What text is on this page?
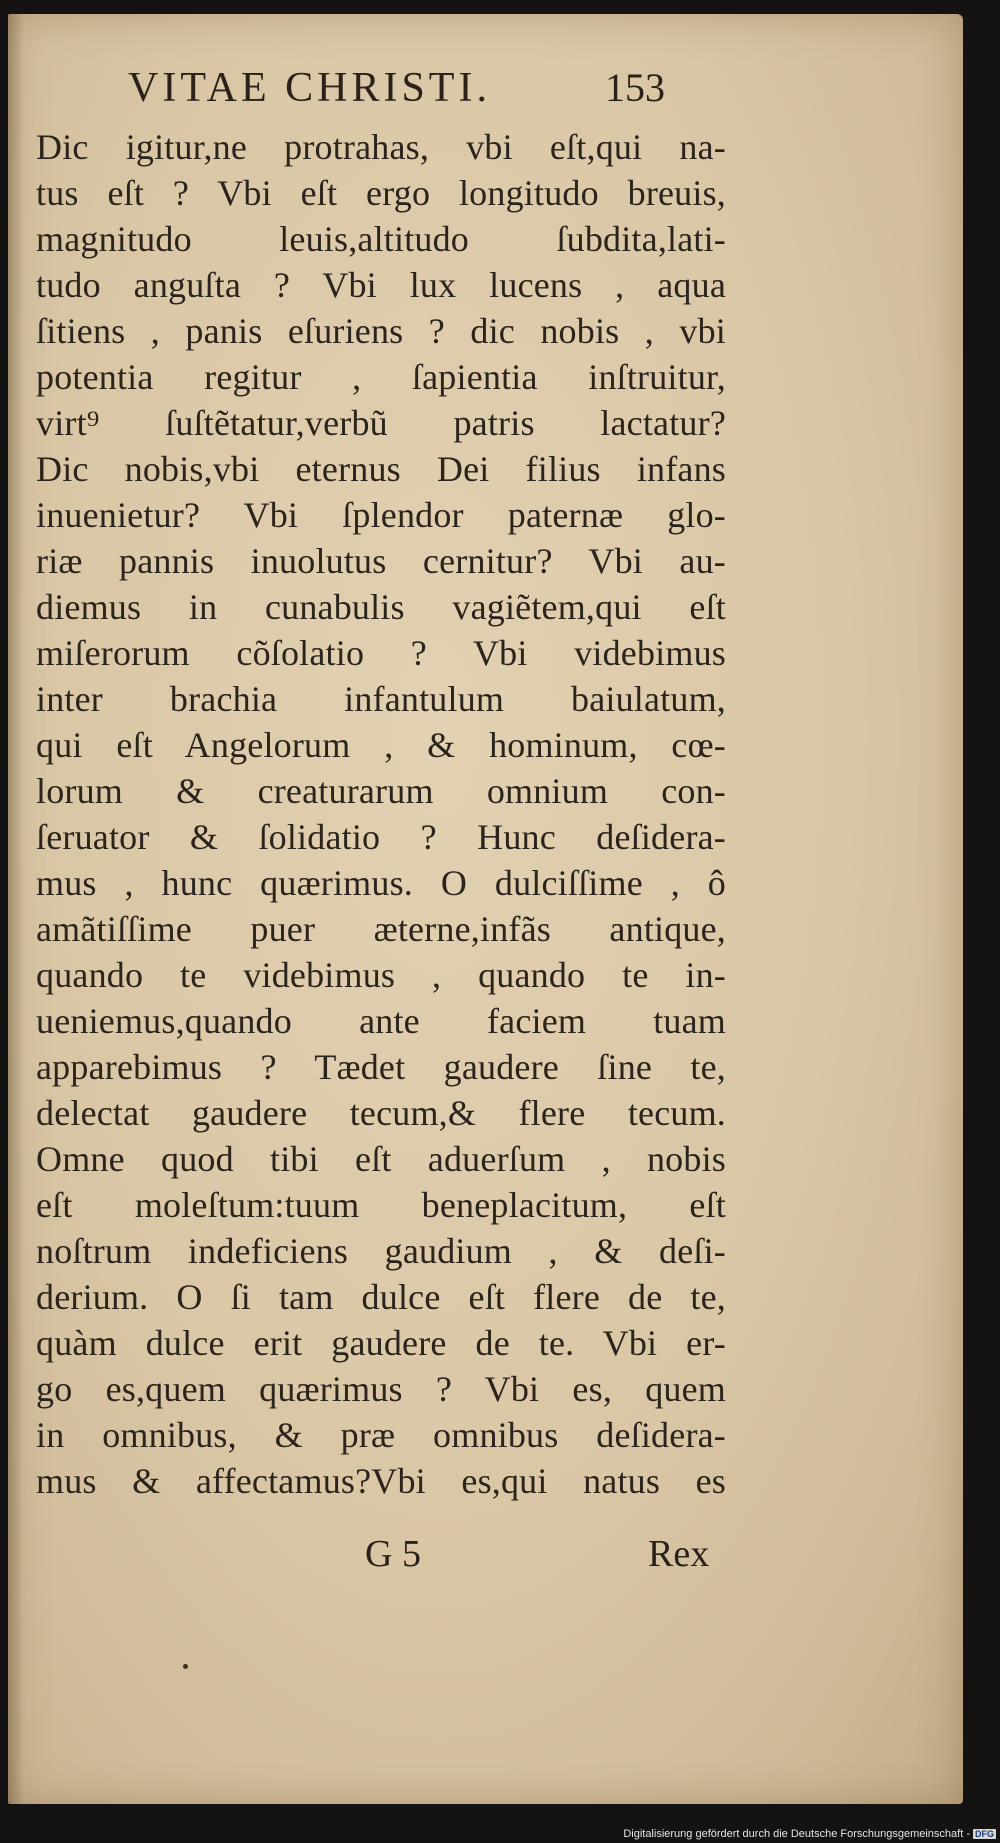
VITAE CHRISTI.	153
Dic igitur,ne protrahas, vbi eſt,qui na-
tus eſt ? Vbi eſt ergo longitudo breuis,
magnitudo leuis,altitudo ſubdita,lati-
tudo anguſta ? Vbi lux lucens , aqua
ſitiens , panis eſuriens ? dic nobis , vbi
potentia regitur , ſapientia inſtruitur,
virt⁹ ſuſtẽtatur,verbũ patris lactatur?
Dic nobis,vbi eternus Dei filius infans
inuenietur? Vbi ſplendor paternæ glo-
riæ pannis inuolutus cernitur? Vbi au-
diemus in cunabulis vagiẽtem,qui eſt
miſerorum cõſolatio ? Vbi videbimus
inter brachia infantulum baiulatum,
qui eſt Angelorum , & hominum, cœ-
lorum & creaturarum omnium con-
ſeruator & ſolidatio ? Hunc deſidera-
mus , hunc quærimus. O dulciſſime , ô
amãtiſſime puer æterne,infãs antique,
quando te videbimus , quando te in-
ueniemus,quando ante faciem tuam
apparebimus ? Tædet gaudere ſine te,
delectat gaudere tecum,& flere tecum.
Omne quod tibi eſt aduerſum , nobis
eſt moleſtum:tuum beneplacitum, eſt
noſtrum indeficiens gaudium , & deſi-
derium. O ſi tam dulce eſt flere de te,
quàm dulce erit gaudere de te. Vbi er-
go es,quem quærimus ? Vbi es, quem
in omnibus, & præ omnibus deſidera-
mus & affectamus?Vbi es,qui natus es
G 5	Rex
Digitalisierung gefördert durch die Deutsche Forschungsgemeinschaft - DFG
